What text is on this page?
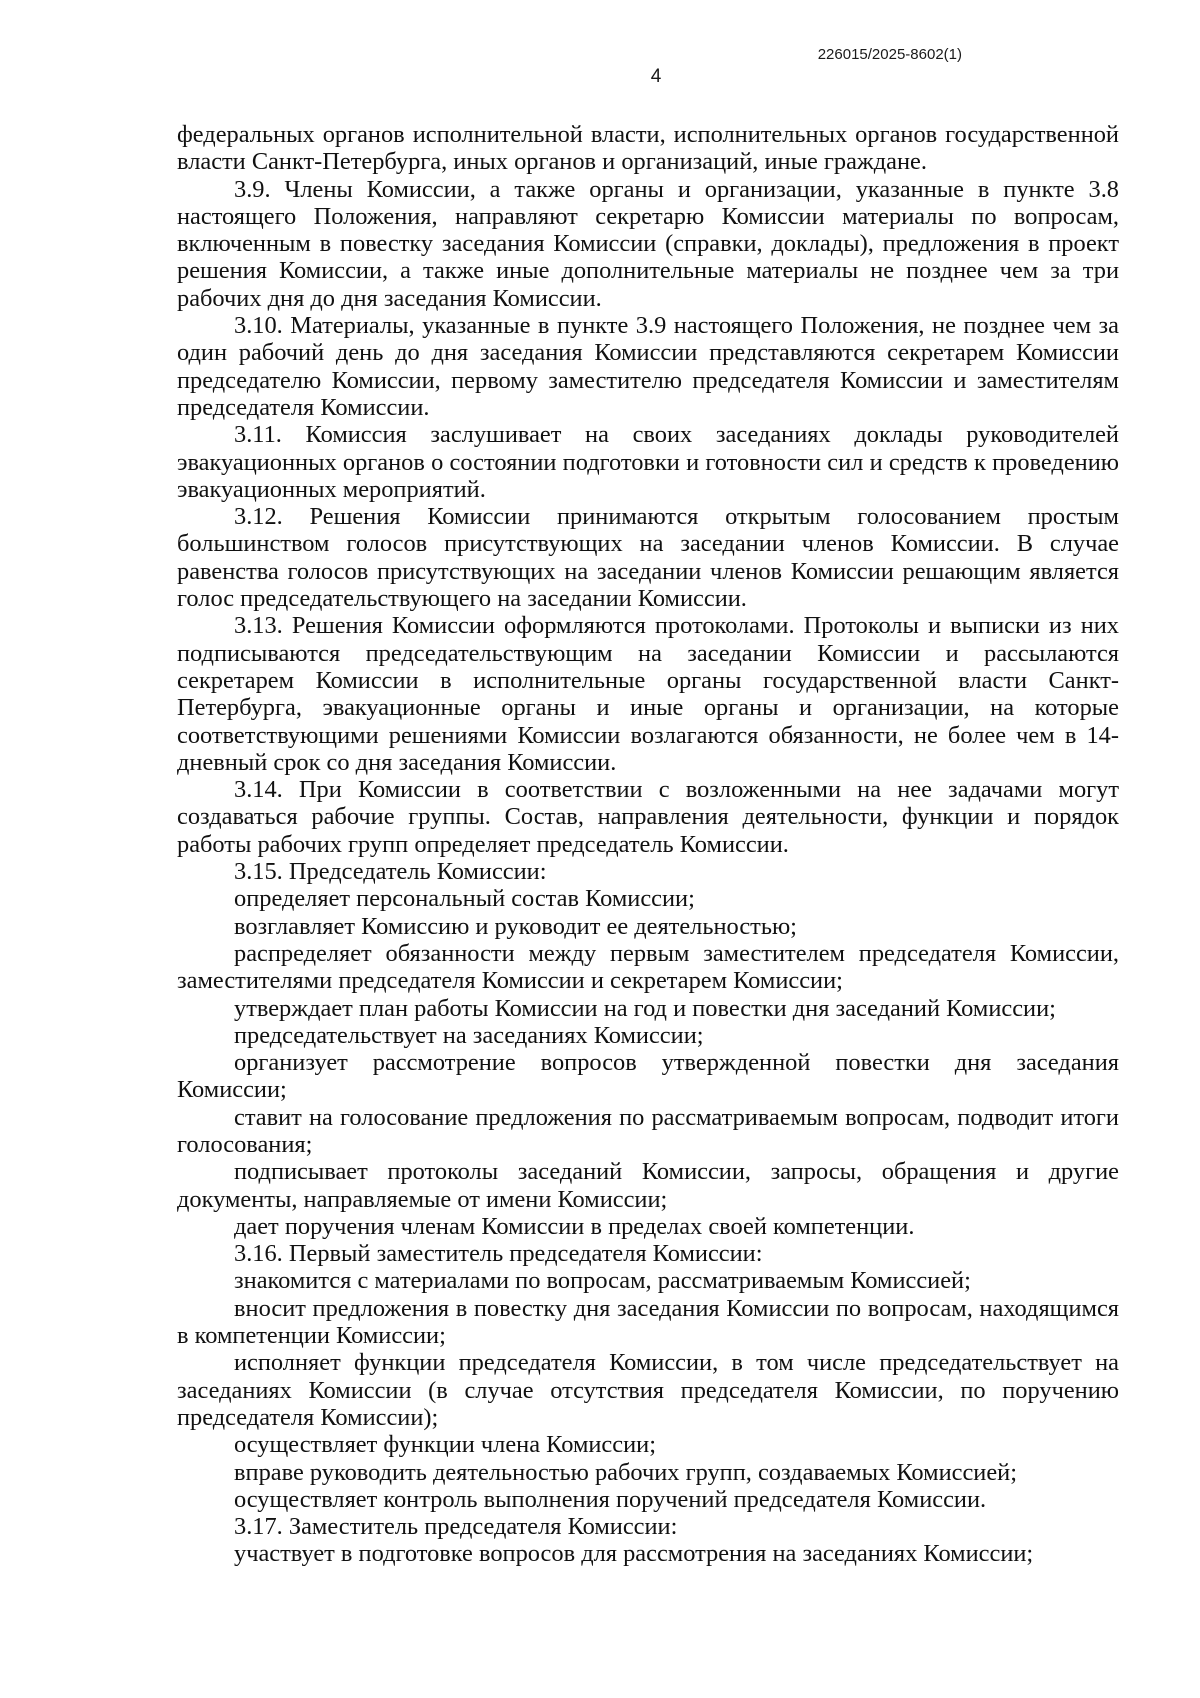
226015/2025-8602(1)
4

федеральных органов исполнительной власти, исполнительных органов государственной власти Санкт-Петербурга, иных органов и организаций, иные граждане.

3.9. Члены Комиссии, а также органы и организации, указанные в пункте 3.8 настоящего Положения, направляют секретарю Комиссии материалы по вопросам, включенным в повестку заседания Комиссии (справки, доклады), предложения в проект решения Комиссии, а также иные дополнительные материалы не позднее чем за три рабочих дня до дня заседания Комиссии.

3.10. Материалы, указанные в пункте 3.9 настоящего Положения, не позднее чем за один рабочий день до дня заседания Комиссии представляются секретарем Комиссии председателю Комиссии, первому заместителю председателя Комиссии и заместителям председателя Комиссии.

3.11. Комиссия заслушивает на своих заседаниях доклады руководителей эвакуационных органов о состоянии подготовки и готовности сил и средств к проведению эвакуационных мероприятий.

3.12. Решения Комиссии принимаются открытым голосованием простым большинством голосов присутствующих на заседании членов Комиссии. В случае равенства голосов присутствующих на заседании членов Комиссии решающим является голос председательствующего на заседании Комиссии.

3.13. Решения Комиссии оформляются протоколами. Протоколы и выписки из них подписываются председательствующим на заседании Комиссии и рассылаются секретарем Комиссии в исполнительные органы государственной власти Санкт-Петербурга, эвакуационные органы и иные органы и организации, на которые соответствующими решениями Комиссии возлагаются обязанности, не более чем в 14-дневный срок со дня заседания Комиссии.

3.14. При Комиссии в соответствии с возложенными на нее задачами могут создаваться рабочие группы. Состав, направления деятельности, функции и порядок работы рабочих групп определяет председатель Комиссии.

3.15. Председатель Комиссии:

определяет персональный состав Комиссии;

возглавляет Комиссию и руководит ее деятельностью;

распределяет обязанности между первым заместителем председателя Комиссии, заместителями председателя Комиссии и секретарем Комиссии;

утверждает план работы Комиссии на год и повестки дня заседаний Комиссии;

председательствует на заседаниях Комиссии;

организует рассмотрение вопросов утвержденной повестки дня заседания Комиссии;

ставит на голосование предложения по рассматриваемым вопросам, подводит итоги голосования;

подписывает протоколы заседаний Комиссии, запросы, обращения и другие документы, направляемые от имени Комиссии;

дает поручения членам Комиссии в пределах своей компетенции.

3.16. Первый заместитель председателя Комиссии:

знакомится с материалами по вопросам, рассматриваемым Комиссией;

вносит предложения в повестку дня заседания Комиссии по вопросам, находящимся в компетенции Комиссии;

исполняет функции председателя Комиссии, в том числе председательствует на заседаниях Комиссии (в случае отсутствия председателя Комиссии, по поручению председателя Комиссии);

осуществляет функции члена Комиссии;

вправе руководить деятельностью рабочих групп, создаваемых Комиссией;

осуществляет контроль выполнения поручений председателя Комиссии.

3.17. Заместитель председателя Комиссии:

участвует в подготовке вопросов для рассмотрения на заседаниях Комиссии;
